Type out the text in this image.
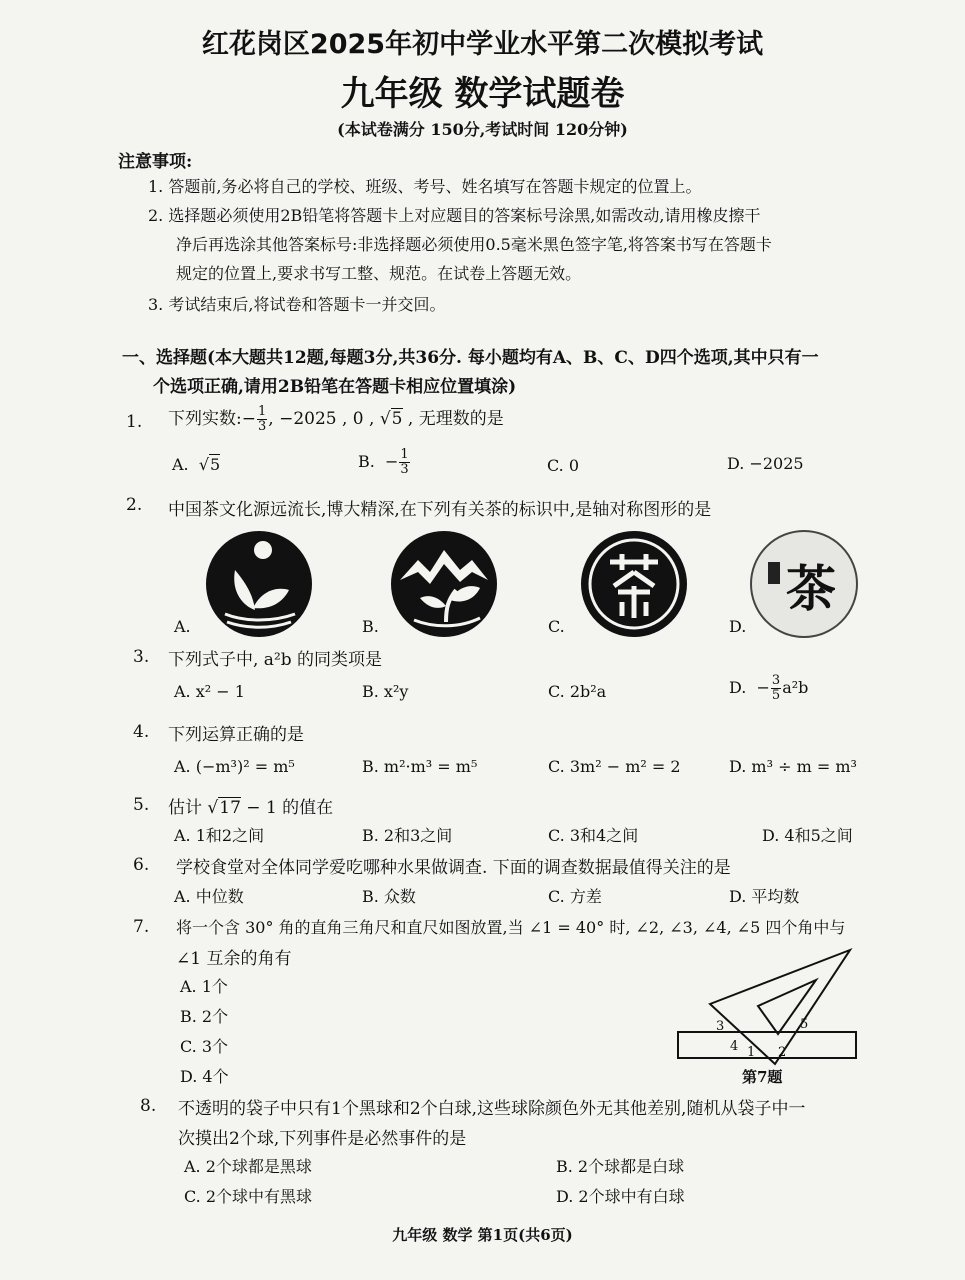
红花岗区2025年初中学业水平第二次模拟考试
九年级 数学试题卷
(本试卷满分 150分,考试时间 120分钟)
注意事项:
1. 答题前,务必将自己的学校、班级、考号、姓名填写在答题卡规定的位置上。
2. 选择题必须使用2B铅笔将答题卡上对应题目的答案标号涂黑,如需改动,请用橡皮擦干
净后再选涂其他答案标号:非选择题必须使用0.5毫米黑色签字笔,将答案书写在答题卡
规定的位置上,要求书写工整、规范。在试卷上答题无效。
3. 考试结束后,将试卷和答题卡一并交回。
一、选择题(本大题共12题,每题3分,共36分. 每小题均有A、B、C、D四个选项,其中只有一
个选项正确,请用2B铅笔在答题卡相应位置填涂)
1. 下列实数:− $\frac{1}{3}$ , −2025 , 0 , √5 , 无理数的是
A. √5	B. − $\frac{1}{3}$	C. 0	D. −2025
2. 中国茶文化源远流长,博大精深,在下列有关茶的标识中,是轴对称图形的是
茶
A.	B.	C.	D.
3. 下列式子中, a²b 的同类项是
A. x² − 1	B. x²y	C. 2b²a	D. − $\frac{3}{5} a^2b$
4. 下列运算正确的是
A. (−m³)² = m⁵	B. m²·m³ = m⁵	C. 3m² − m² = 2	D. m³ ÷ m = m³
5. 估计 √17 − 1 的值在
A. 1和2之间	B. 2和3之间	C. 3和4之间	D. 4和5之间
6. 学校食堂对全体同学爱吃哪种水果做调查. 下面的调查数据最值得关注的是
A. 中位数	B. 众数	C. 方差	D. 平均数
7. 将一个含 30° 角的直角三角尺和直尺如图放置,当 ∠1 = 40° 时, ∠2, ∠3, ∠4, ∠5 四个角中与
∠1 互余的角有
A. 1个
B. 2个
C. 3个
D. 4个
1 2
3
4
5
第7题
8. 不透明的袋子中只有1个黑球和2个白球,这些球除颜色外无其他差别,随机从袋子中一
次摸出2个球,下列事件是必然事件的是
A. 2个球都是黑球	B. 2个球都是白球
C. 2个球中有黑球	D. 2个球中有白球
九年级 数学 第1页(共6页)
